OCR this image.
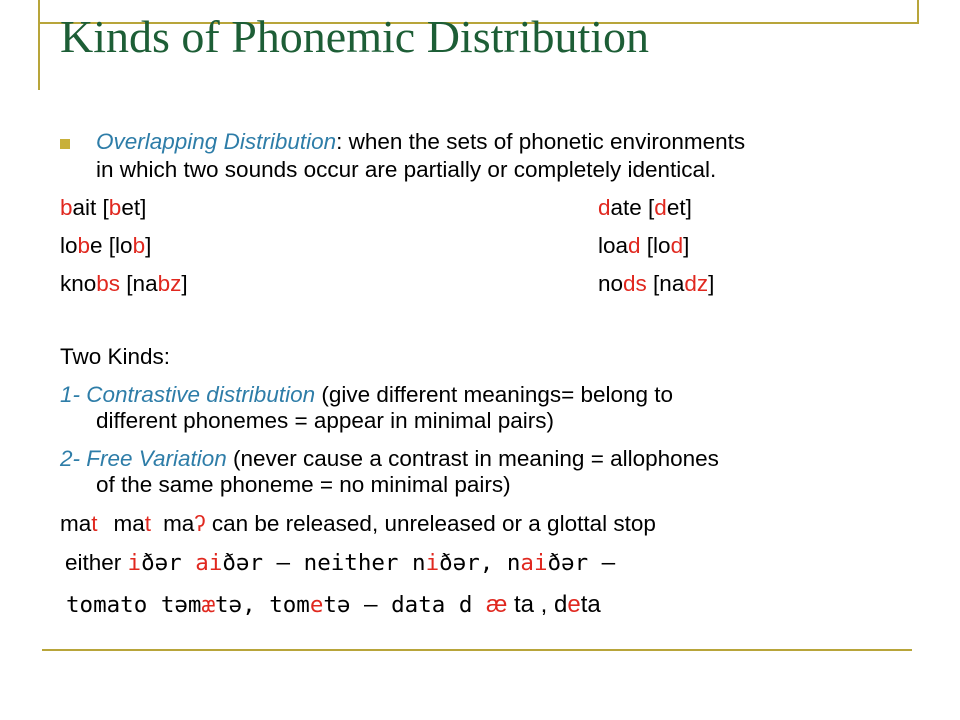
Kinds of Phonemic Distribution
Overlapping Distribution: when the sets of phonetic environments
in which two sounds occur are partially or completely identical.
bait [bet]	date [det]
lobe [lob]	load [lod]
knobs [nabz]	nods [nadz]
Two Kinds:
1- Contrastive distribution (give different meanings= belong to
different phonemes = appear in minimal pairs)
2- Free Variation (never cause a contrast in meaning = allophones
of the same phoneme = no minimal pairs)
mat mat maʔ can be released, unreleased or a glottal stop
either iðər aiðər – neither niðər, naiðər –
tomato təmætə, tometə – data d æ ta , deta
